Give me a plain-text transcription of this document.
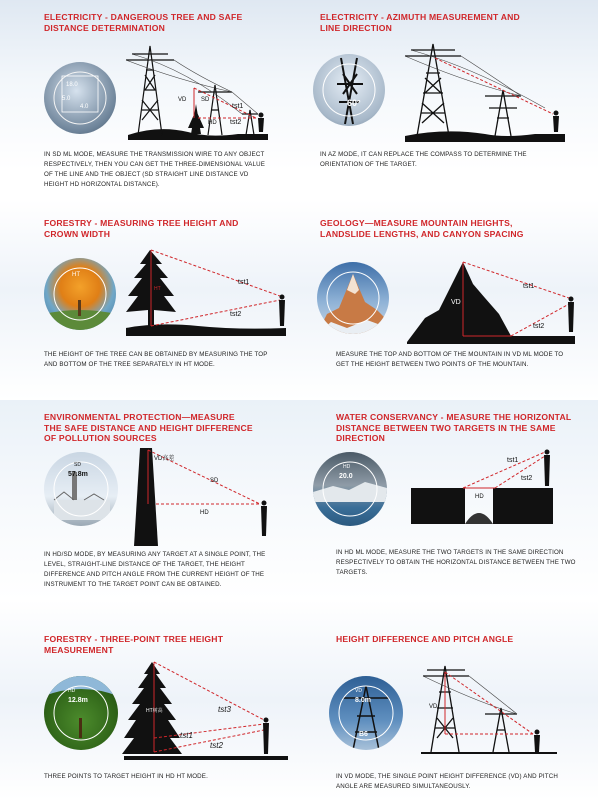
ELECTRICITY - DANGEROUS TREE AND SAFE DISTANCE DETERMINATION
18.0
5.0
4.0
VD SD
HD
tst1
tst2
IN SD ML MODE, MEASURE THE TRANSMISSION WIRE TO ANY OBJECT RESPECTIVELY, THEN YOU CAN GET THE THREE-DIMENSIONAL VALUE OF THE LINE AND THE OBJECT (SD STRAIGHT LINE DISTANCE VD HEIGHT HD HORIZONTAL DISTANCE).
ELECTRICITY - AZIMUTH MEASUREMENT AND LINE DIRECTION
60°
IN AZ MODE, IT CAN REPLACE THE COMPASS TO DETERMINE THE ORIENTATION OF THE TARGET.
FORESTRY - MEASURING TREE HEIGHT AND CROWN WIDTH
HT
tst1
tst2
HT
THE HEIGHT OF THE TREE CAN BE OBTAINED BY MEASURING THE TOP AND BOTTOM OF THE TREE SEPARATELY IN HT MODE.
GEOLOGY—MEASURE MOUNTAIN HEIGHTS, LANDSLIDE LENGTHS, AND CANYON SPACING
VD
tst1
tst2
MEASURE THE TOP AND BOTTOM OF THE MOUNTAIN IN VD ML MODE TO GET THE HEIGHT BETWEEN TWO POINTS OF THE MOUNTAIN.
ENVIRONMENTAL PROTECTION—MEASURE THE SAFE DISTANCE AND HEIGHT DIFFERENCE OF POLLUTION SOURCES
SD
57.8m
VD高差
SD
HD
IN HD/SD MODE, BY MEASURING ANY TARGET AT A SINGLE POINT, THE LEVEL, STRAIGHT-LINE DISTANCE OF THE TARGET, THE HEIGHT DIFFERENCE AND PITCH ANGLE FROM THE CURRENT HEIGHT OF THE INSTRUMENT TO THE TARGET POINT CAN BE OBTAINED.
WATER CONSERVANCY - MEASURE THE HORIZONTAL DISTANCE BETWEEN TWO TARGETS IN THE SAME DIRECTION
HD
20.0
tst1
tst2
HD
IN HD ML MODE, MEASURE THE TWO TARGETS IN THE SAME DIRECTION RESPECTIVELY TO OBTAIN THE HORIZONTAL DISTANCE BETWEEN THE TWO TARGETS.
FORESTRY - THREE-POINT TREE HEIGHT MEASUREMENT
HD
12.8m
tst3
tst1
tst2
HT树高
THREE POINTS TO TARGET HEIGHT IN HD HT MODE.
HEIGHT DIFFERENCE AND PITCH ANGLE
VD
8.0m
B6
VD
IN VD MODE, THE SINGLE POINT HEIGHT DIFFERENCE (VD) AND PITCH ANGLE ARE MEASURED SIMULTANEOUSLY.
